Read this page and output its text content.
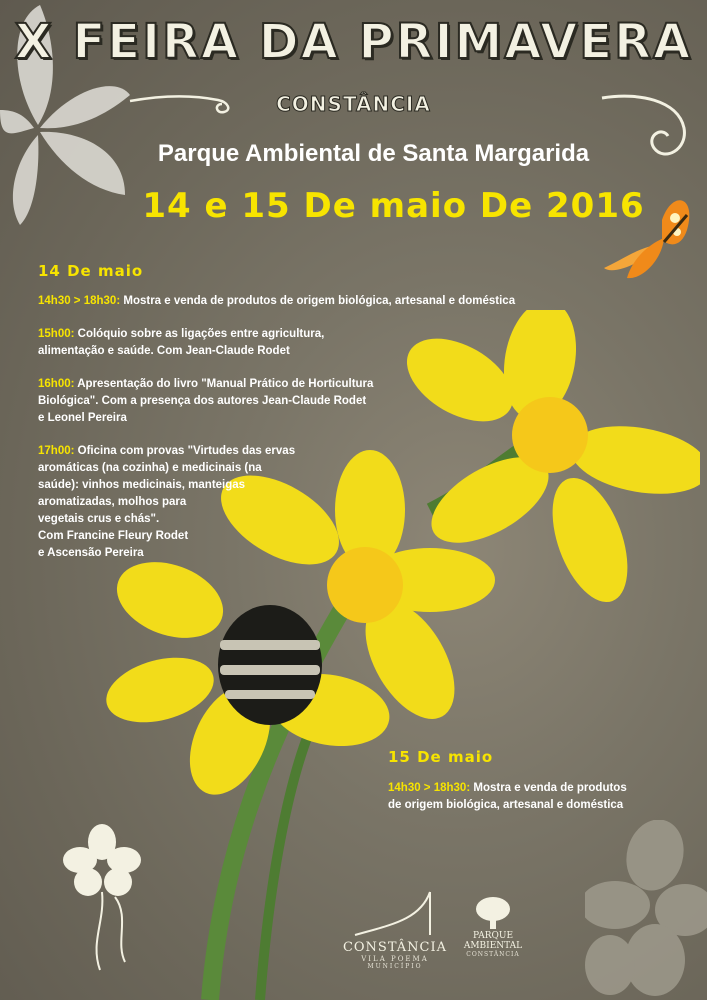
X FEIRA DA PRIMAVERA
CONSTÂNCIA
Parque Ambiental de Santa Margarida
14 e 15 De maio De 2016
14 De maio

14h30 > 18h30: Mostra e venda de produtos de origem biológica, artesanal e doméstica

15h00: Colóquio sobre as ligações entre agricultura,
alimentação e saúde. Com Jean-Claude Rodet

16h00: Apresentação do livro "Manual Prático de Horticultura
Biológica". Com a presença dos autores Jean-Claude Rodet
e Leonel Pereira

17h00: Oficina com provas "Virtudes das ervas
aromáticas (na cozinha) e medicinais (na
saúde): vinhos medicinais, manteigas
aromatizadas, molhos para
vegetais crus e chás".
Com Francine Fleury Rodet
e Ascensão Pereira

15 De maio

14h30 > 18h30: Mostra e venda de produtos
de origem biológica, artesanal e doméstica

CONSTÂNCIA
VILA POEMA
MUNICÍPIO
PARQUE
AMBIENTAL
CONSTÂNCIA
